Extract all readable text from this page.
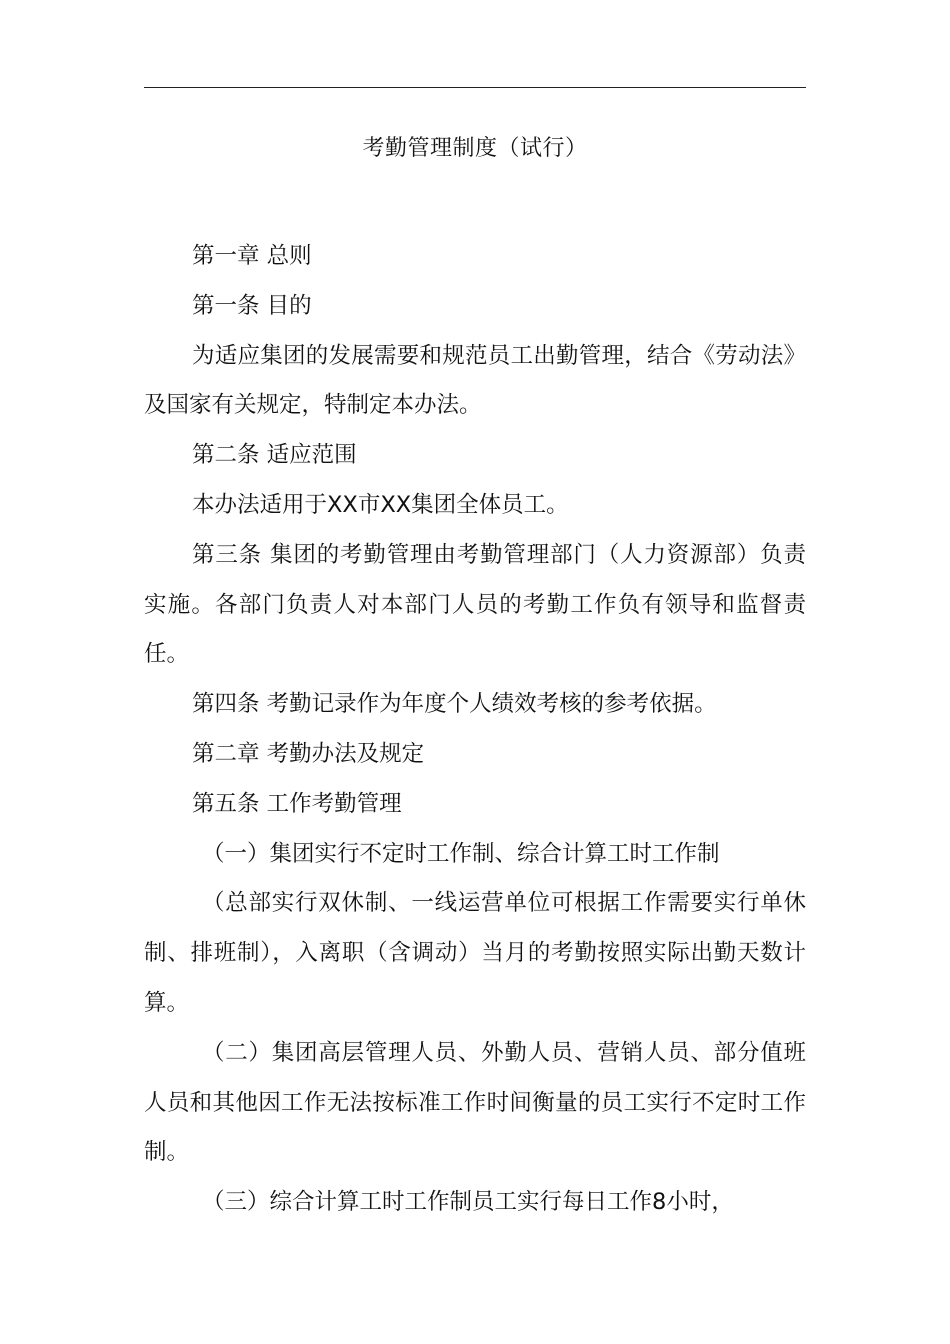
考勤管理制度（试行）

第一章 总则

第一条 目的

为适应集团的发展需要和规范员工出勤管理，结合《劳动法》及国家有关规定，特制定本办法。

第二条 适应范围

本办法适用于XX市XX集团全体员工。

第三条 集团的考勤管理由考勤管理部门（人力资源部）负责实施。各部门负责人对本部门人员的考勤工作负有领导和监督责任。

第四条 考勤记录作为年度个人绩效考核的参考依据。

第二章 考勤办法及规定

第五条 工作考勤管理

（一）集团实行不定时工作制、综合计算工时工作制

（总部实行双休制、一线运营单位可根据工作需要实行单休制、排班制），入离职（含调动）当月的考勤按照实际出勤天数计算。

（二）集团高层管理人员、外勤人员、营销人员、部分值班人员和其他因工作无法按标准工作时间衡量的员工实行不定时工作制。

（三）综合计算工时工作制员工实行每日工作8小时，
